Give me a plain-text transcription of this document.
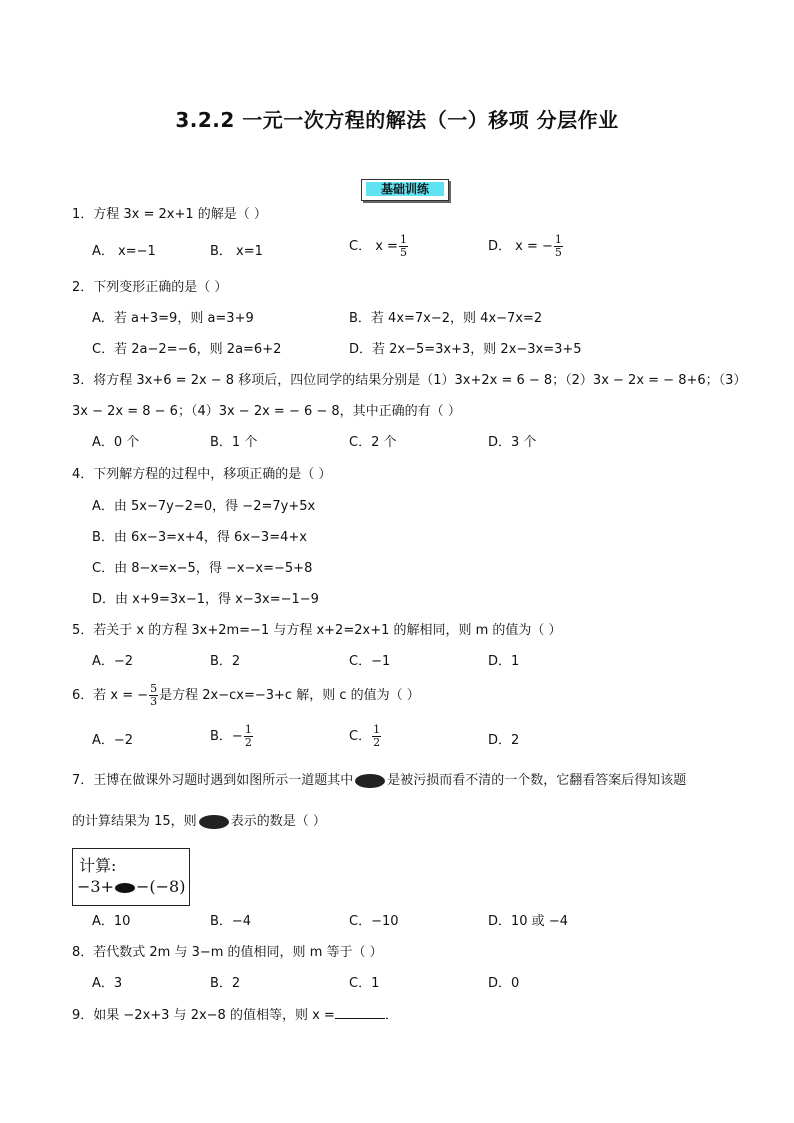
3.2.2 一元一次方程的解法（一）移项 分层作业
基础训练
1．方程 3x = 2x+1 的解是（ ）
A． x=−1	B． x=1	C． $x = \frac{1}{5}$	D． x = − $\frac{1}{5}$
2．下列变形正确的是（ ）
A．若 a+3=9，则 a=3+9	B．若 4x=7x−2，则 4x−7x=2
C．若 2a−2=−6，则 2a=6+2	D．若 2x−5=3x+3，则 2x−3x=3+5
3．将方程 3x+6 = 2x − 8 移项后，四位同学的结果分别是（1）3x+2x = 6 − 8；（2）3x − 2x = − 8+6；（3）
3x − 2x = 8 − 6；（4）3x − 2x = − 6 − 8，其中正确的有（ ）
A．0 个	B．1 个	C．2 个	D．3 个
4．下列解方程的过程中，移项正确的是（ ）
A．由 5x−7y−2=0，得 −2=7y+5x
B．由 6x−3=x+4，得 6x−3=4+x
C．由 8−x=x−5，得 −x−x=−5+8
D．由 x+9=3x−1，得 x−3x=−1−9
5．若关于 x 的方程 3x+2m=−1 与方程 x+2=2x+1 的解相同，则 m 的值为（ ）
A．−2	B．2	C．−1	D．1
6．若 x = − $\frac{5}{3}$ 是方程 2x−cx=−3+c 解，则 c 的值为（ ）
A．−2	B．− $\frac{1}{2}$	C． $\frac{1}{2}$	D．2
7．王博在做课外习题时遇到如图所示一道题其中	是被污损而看不清的一个数，它翻看答案后得知该题
的计算结果为 15，则	表示的数是（ ）
计算:
−3+ −(−8)
A．10	B．−4	C．−10	D．10 或 −4
8．若代数式 2m 与 3−m 的值相同，则 m 等于（ ）
A．3	B．2	C．1	D．0
9．如果 −2x+3 与 2x−8 的值相等，则 x =	．
